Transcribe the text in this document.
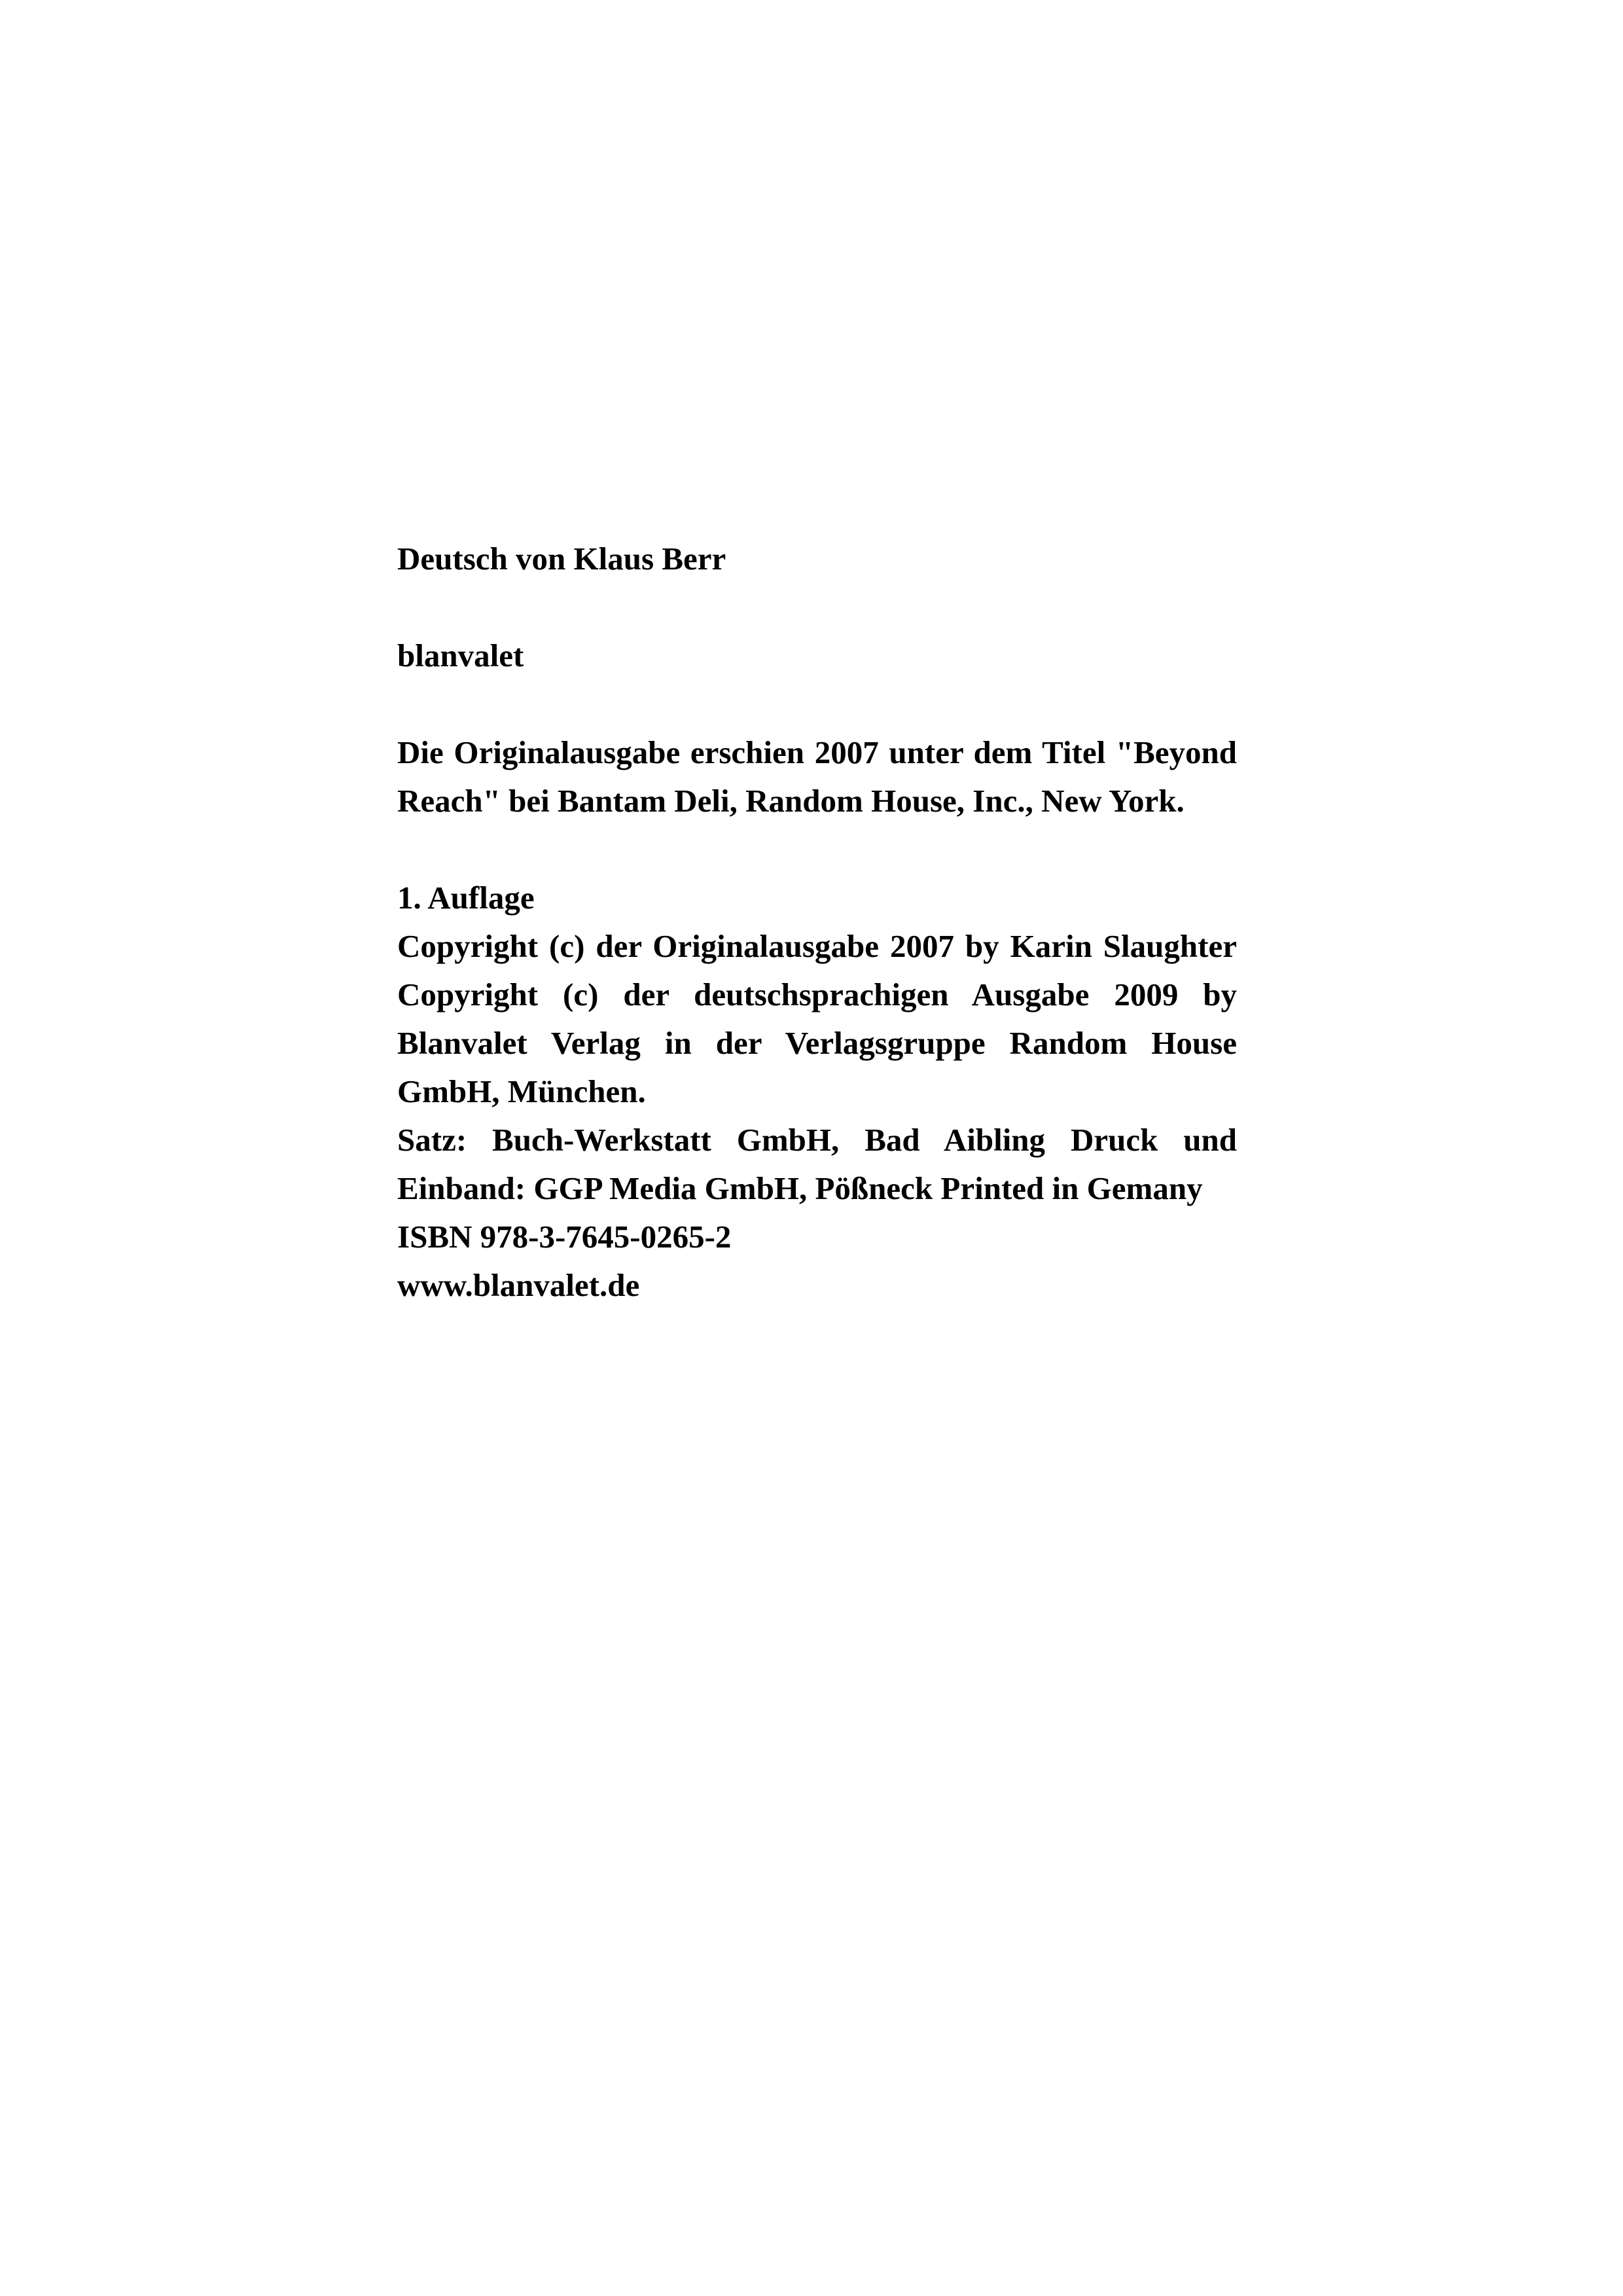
Deutsch von Klaus Berr

blanvalet

Die Originalausgabe erschien 2007 unter dem Titel "Beyond Reach" bei Bantam Deli, Random House, Inc., New York.

1. Auflage

Copyright (c) der Originalausgabe 2007 by Karin Slaughter Copyright (c) der deutschsprachigen Ausgabe 2009 by Blanvalet Verlag in der Verlagsgruppe Random House GmbH, München.

Satz: Buch-Werkstatt GmbH, Bad Aibling Druck und Einband: GGP Media GmbH, Pößneck Printed in Gemany

ISBN 978-3-7645-0265-2

www.blanvalet.de
